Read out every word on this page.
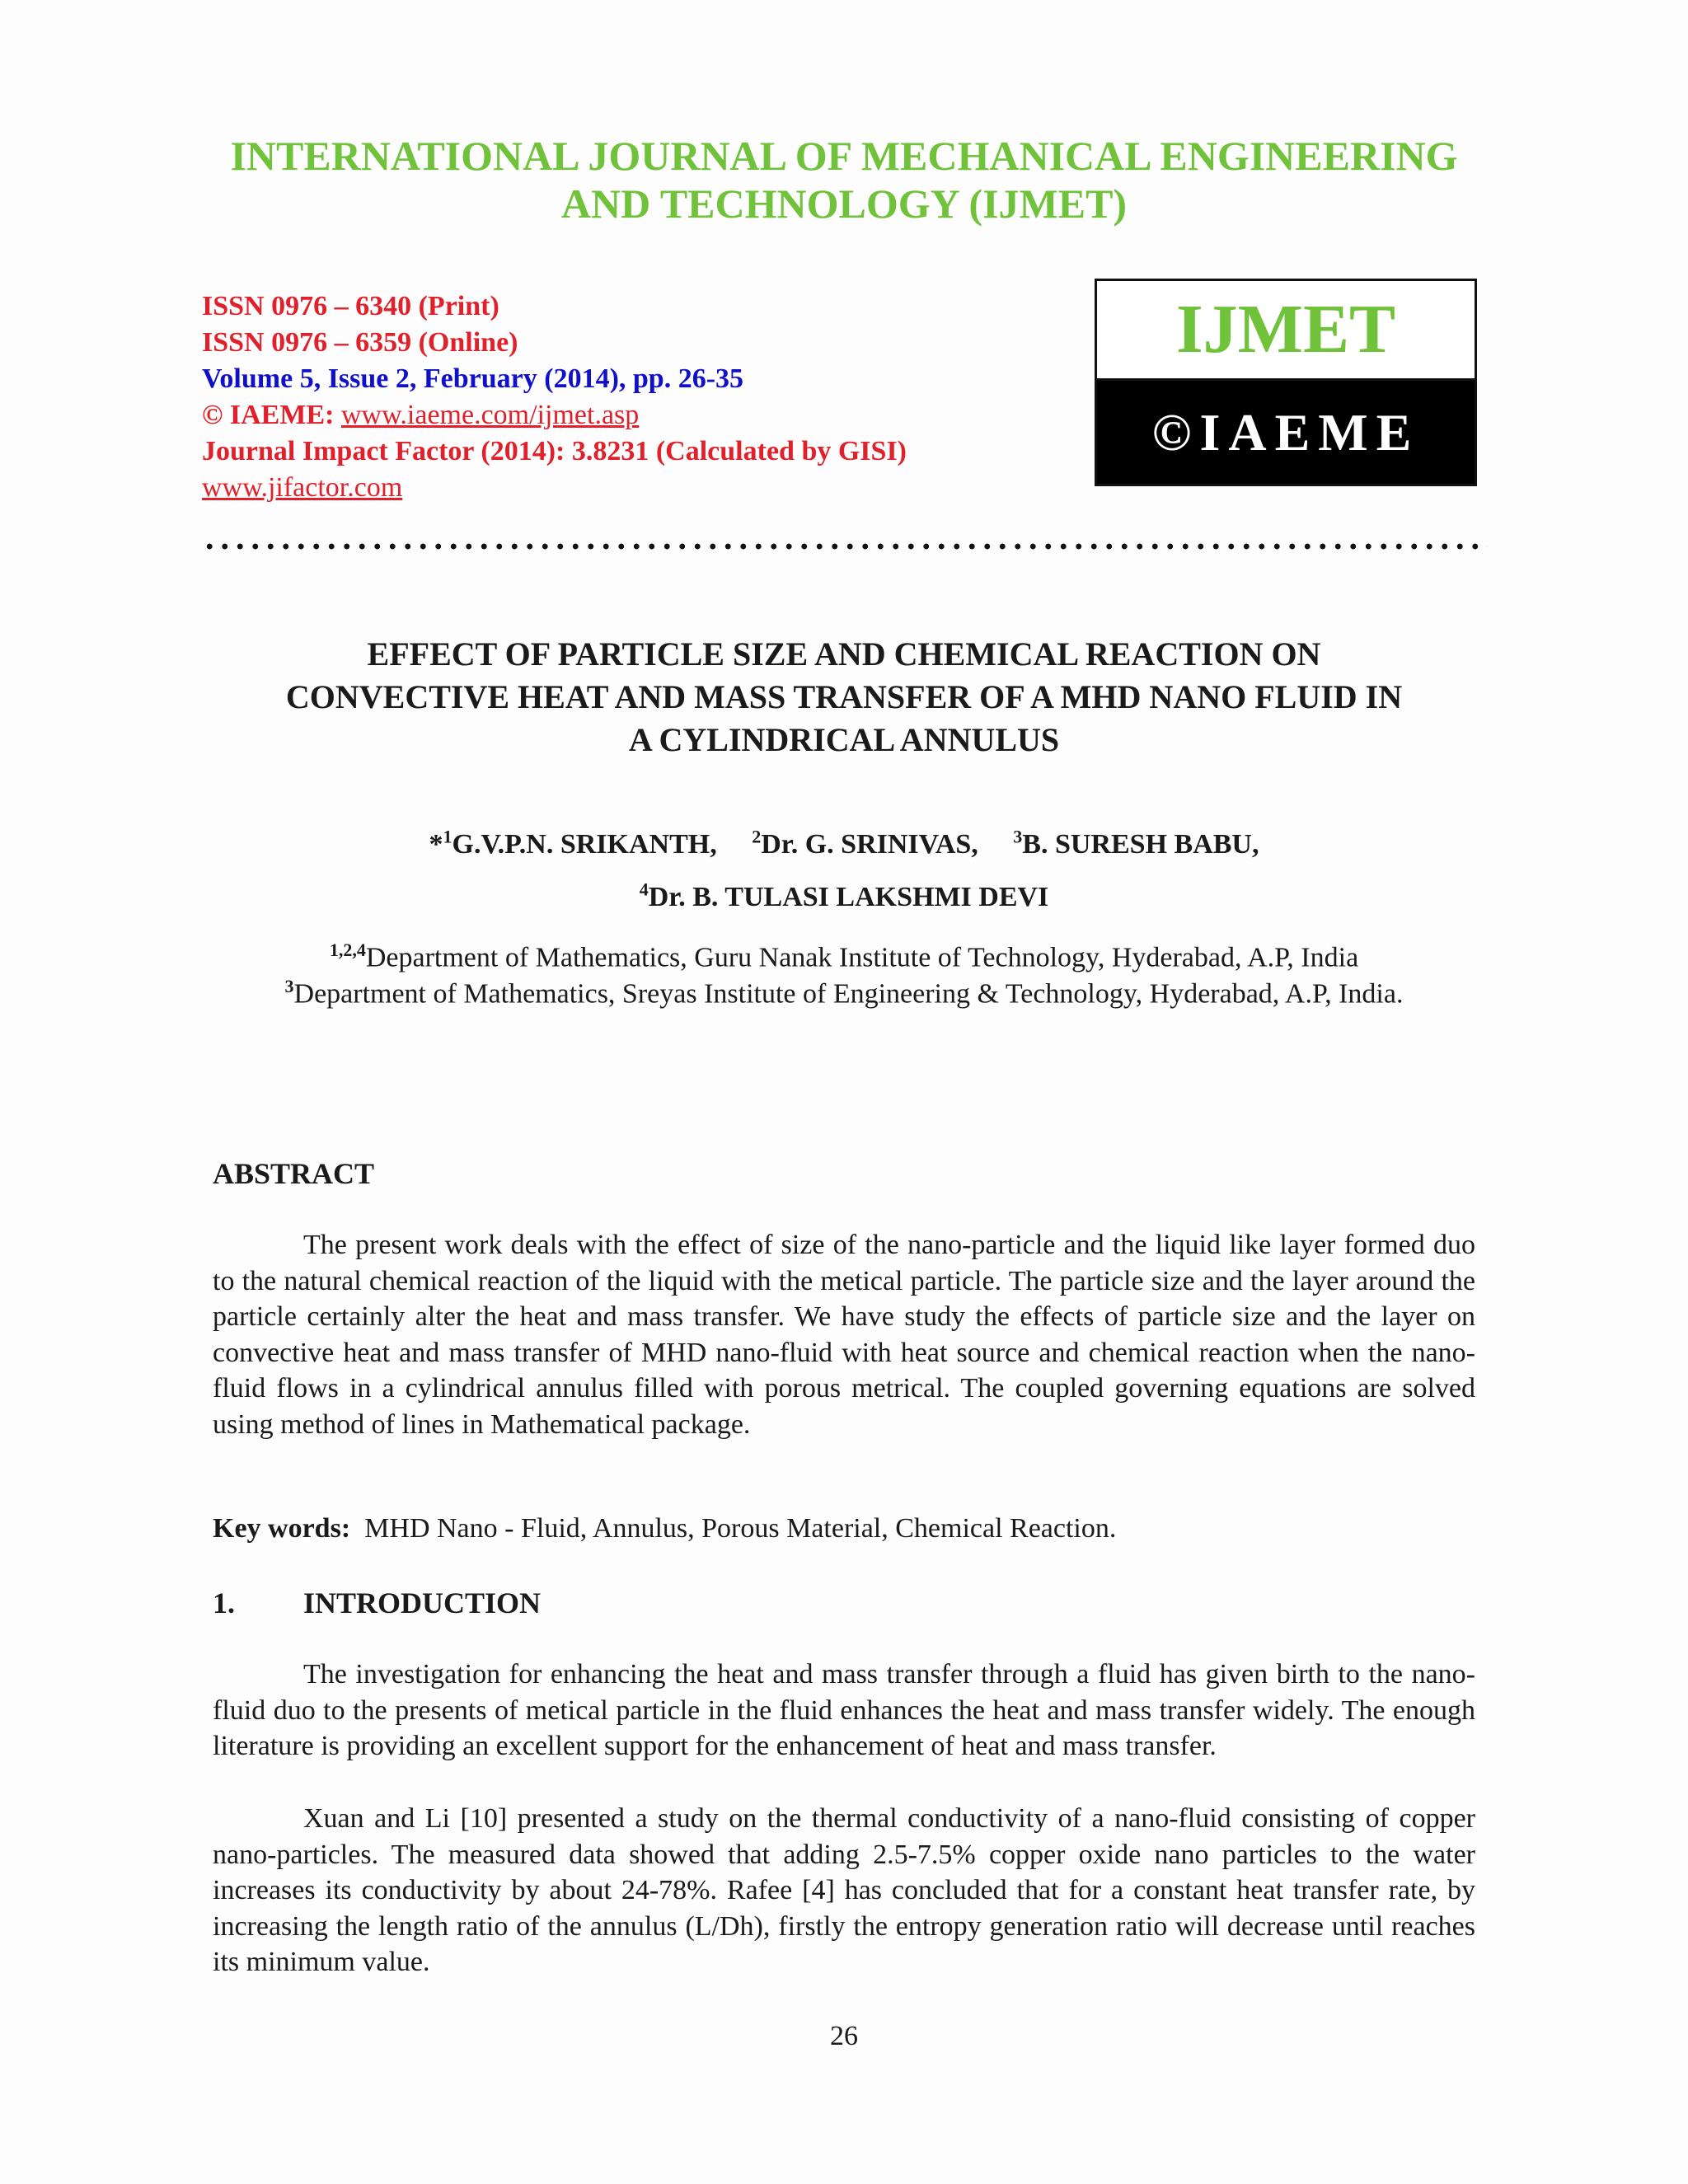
INTERNATIONAL JOURNAL OF MECHANICAL ENGINEERING
AND TECHNOLOGY (IJMET)
ISSN 0976 – 6340 (Print)
ISSN 0976 – 6359 (Online)
Volume 5, Issue 2, February (2014), pp. 26-35
© IAEME: www.iaeme.com/ijmet.asp
Journal Impact Factor (2014): 3.8231 (Calculated by GISI)
www.jifactor.com
IJMET
©IAEME
EFFECT OF PARTICLE SIZE AND CHEMICAL REACTION ON
CONVECTIVE HEAT AND MASS TRANSFER OF A MHD NANO FLUID IN
A CYLINDRICAL ANNULUS
*$^1$G.V.P.N. SRIKANTH, $^2$Dr. G. SRINIVAS, $^3$B. SURESH BABU,
$^4$Dr. B. TULASI LAKSHMI DEVI
$^{1,2,4}$Department of Mathematics, Guru Nanak Institute of Technology, Hyderabad, A.P, India
$^3$Department of Mathematics, Sreyas Institute of Engineering & Technology, Hyderabad, A.P, India.
ABSTRACT
The present work deals with the effect of size of the nano-particle and the liquid like layer formed duo to the natural chemical reaction of the liquid with the metical particle. The particle size and the layer around the particle certainly alter the heat and mass transfer. We have study the effects of particle size and the layer on convective heat and mass transfer of MHD nano-fluid with heat source and chemical reaction when the nano-fluid flows in a cylindrical annulus filled with porous metrical. The coupled governing equations are solved using method of lines in Mathematical package.
Key words: MHD Nano - Fluid, Annulus, Porous Material, Chemical Reaction.
1. INTRODUCTION
The investigation for enhancing the heat and mass transfer through a fluid has given birth to the nano-fluid duo to the presents of metical particle in the fluid enhances the heat and mass transfer widely. The enough literature is providing an excellent support for the enhancement of heat and mass transfer.
Xuan and Li [10] presented a study on the thermal conductivity of a nano-fluid consisting of copper nano-particles. The measured data showed that adding 2.5-7.5% copper oxide nano particles to the water increases its conductivity by about 24-78%. Rafee [4] has concluded that for a constant heat transfer rate, by increasing the length ratio of the annulus (L/Dh), firstly the entropy generation ratio will decrease until reaches its minimum value.
26
